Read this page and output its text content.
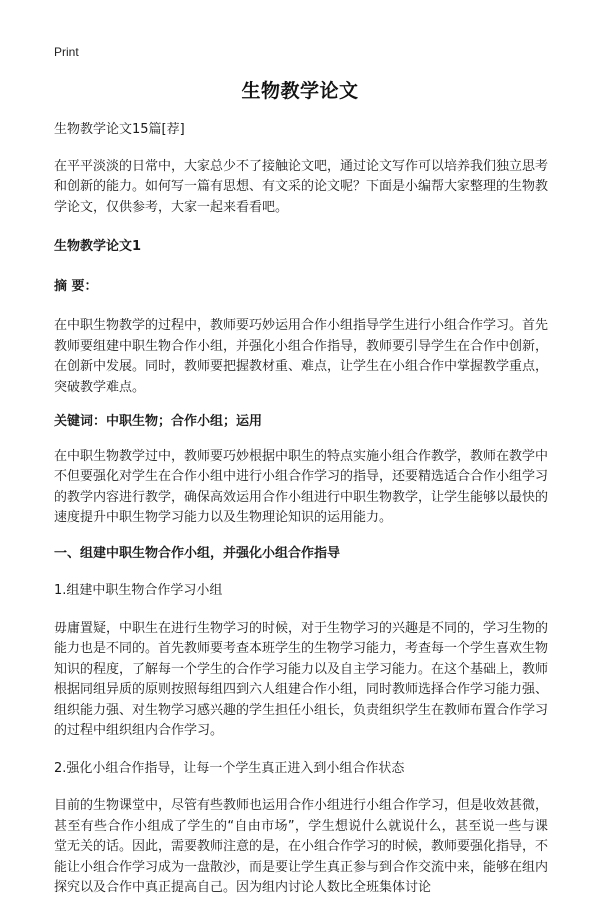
Print
生物教学论文

生物教学论文15篇[荐]

在平平淡淡的日常中，大家总少不了接触论文吧，通过论文写作可以培养我们独立思考和创新的能力。如何写一篇有思想、有文采的论文呢？下面是小编帮大家整理的生物教学论文，仅供参考，大家一起来看看吧。

生物教学论文1

摘 要：

在中职生物教学的过程中，教师要巧妙运用合作小组指导学生进行小组合作学习。首先教师要组建中职生物合作小组，并强化小组合作指导，教师要引导学生在合作中创新，在创新中发展。同时，教师要把握教材重、难点，让学生在小组合作中掌握教学重点，突破教学难点。

关键词：中职生物；合作小组；运用

在中职生物教学过中，教师要巧妙根据中职生的特点实施小组合作教学，教师在教学中不但要强化对学生在合作小组中进行小组合作学习的指导，还要精选适合合作小组学习的教学内容进行教学，确保高效运用合作小组进行中职生物教学，让学生能够以最快的速度提升中职生物学习能力以及生物理论知识的运用能力。

一、组建中职生物合作小组，并强化小组合作指导

1.组建中职生物合作学习小组

毋庸置疑，中职生在进行生物学习的时候，对于生物学习的兴趣是不同的，学习生物的能力也是不同的。首先教师要考查本班学生的生物学习能力，考查每一个学生喜欢生物知识的程度，了解每一个学生的合作学习能力以及自主学习能力。在这个基础上，教师根据同组异质的原则按照每组四到六人组建合作小组，同时教师选择合作学习能力强、组织能力强、对生物学习感兴趣的学生担任小组长，负责组织学生在教师布置合作学习的过程中组织组内合作学习。

2.强化小组合作指导，让每一个学生真正进入到小组合作状态

目前的生物课堂中，尽管有些教师也运用合作小组进行小组合作学习，但是收效甚微，甚至有些合作小组成了学生的“自由市场”，学生想说什么就说什么，甚至说一些与课堂无关的话。因此，需要教师注意的是，在小组合作学习的时候，教师要强化指导，不能让小组合作学习成为一盘散沙，而是要让学生真正参与到合作交流中来，能够在组内探究以及合作中真正提高自己。因为组内讨论人数比全班集体讨论
